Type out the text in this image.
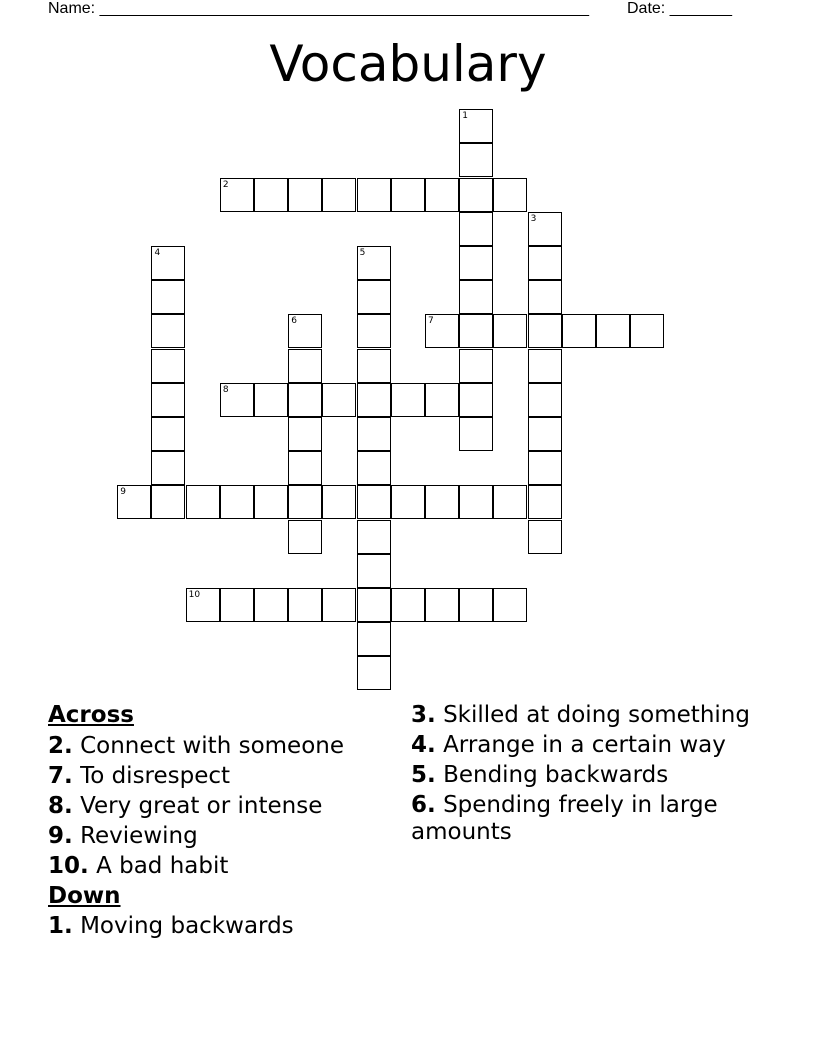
Name: _______________________________________________________ Date: _______
Vocabulary
1
2
3
4	5
6	7
8
9
10
Across
2. Connect with someone
7. To disrespect
8. Very great or intense
9. Reviewing
10. A bad habit
Down
1. Moving backwards
3. Skilled at doing something
4. Arrange in a certain way
5. Bending backwards
6. Spending freely in large amounts
